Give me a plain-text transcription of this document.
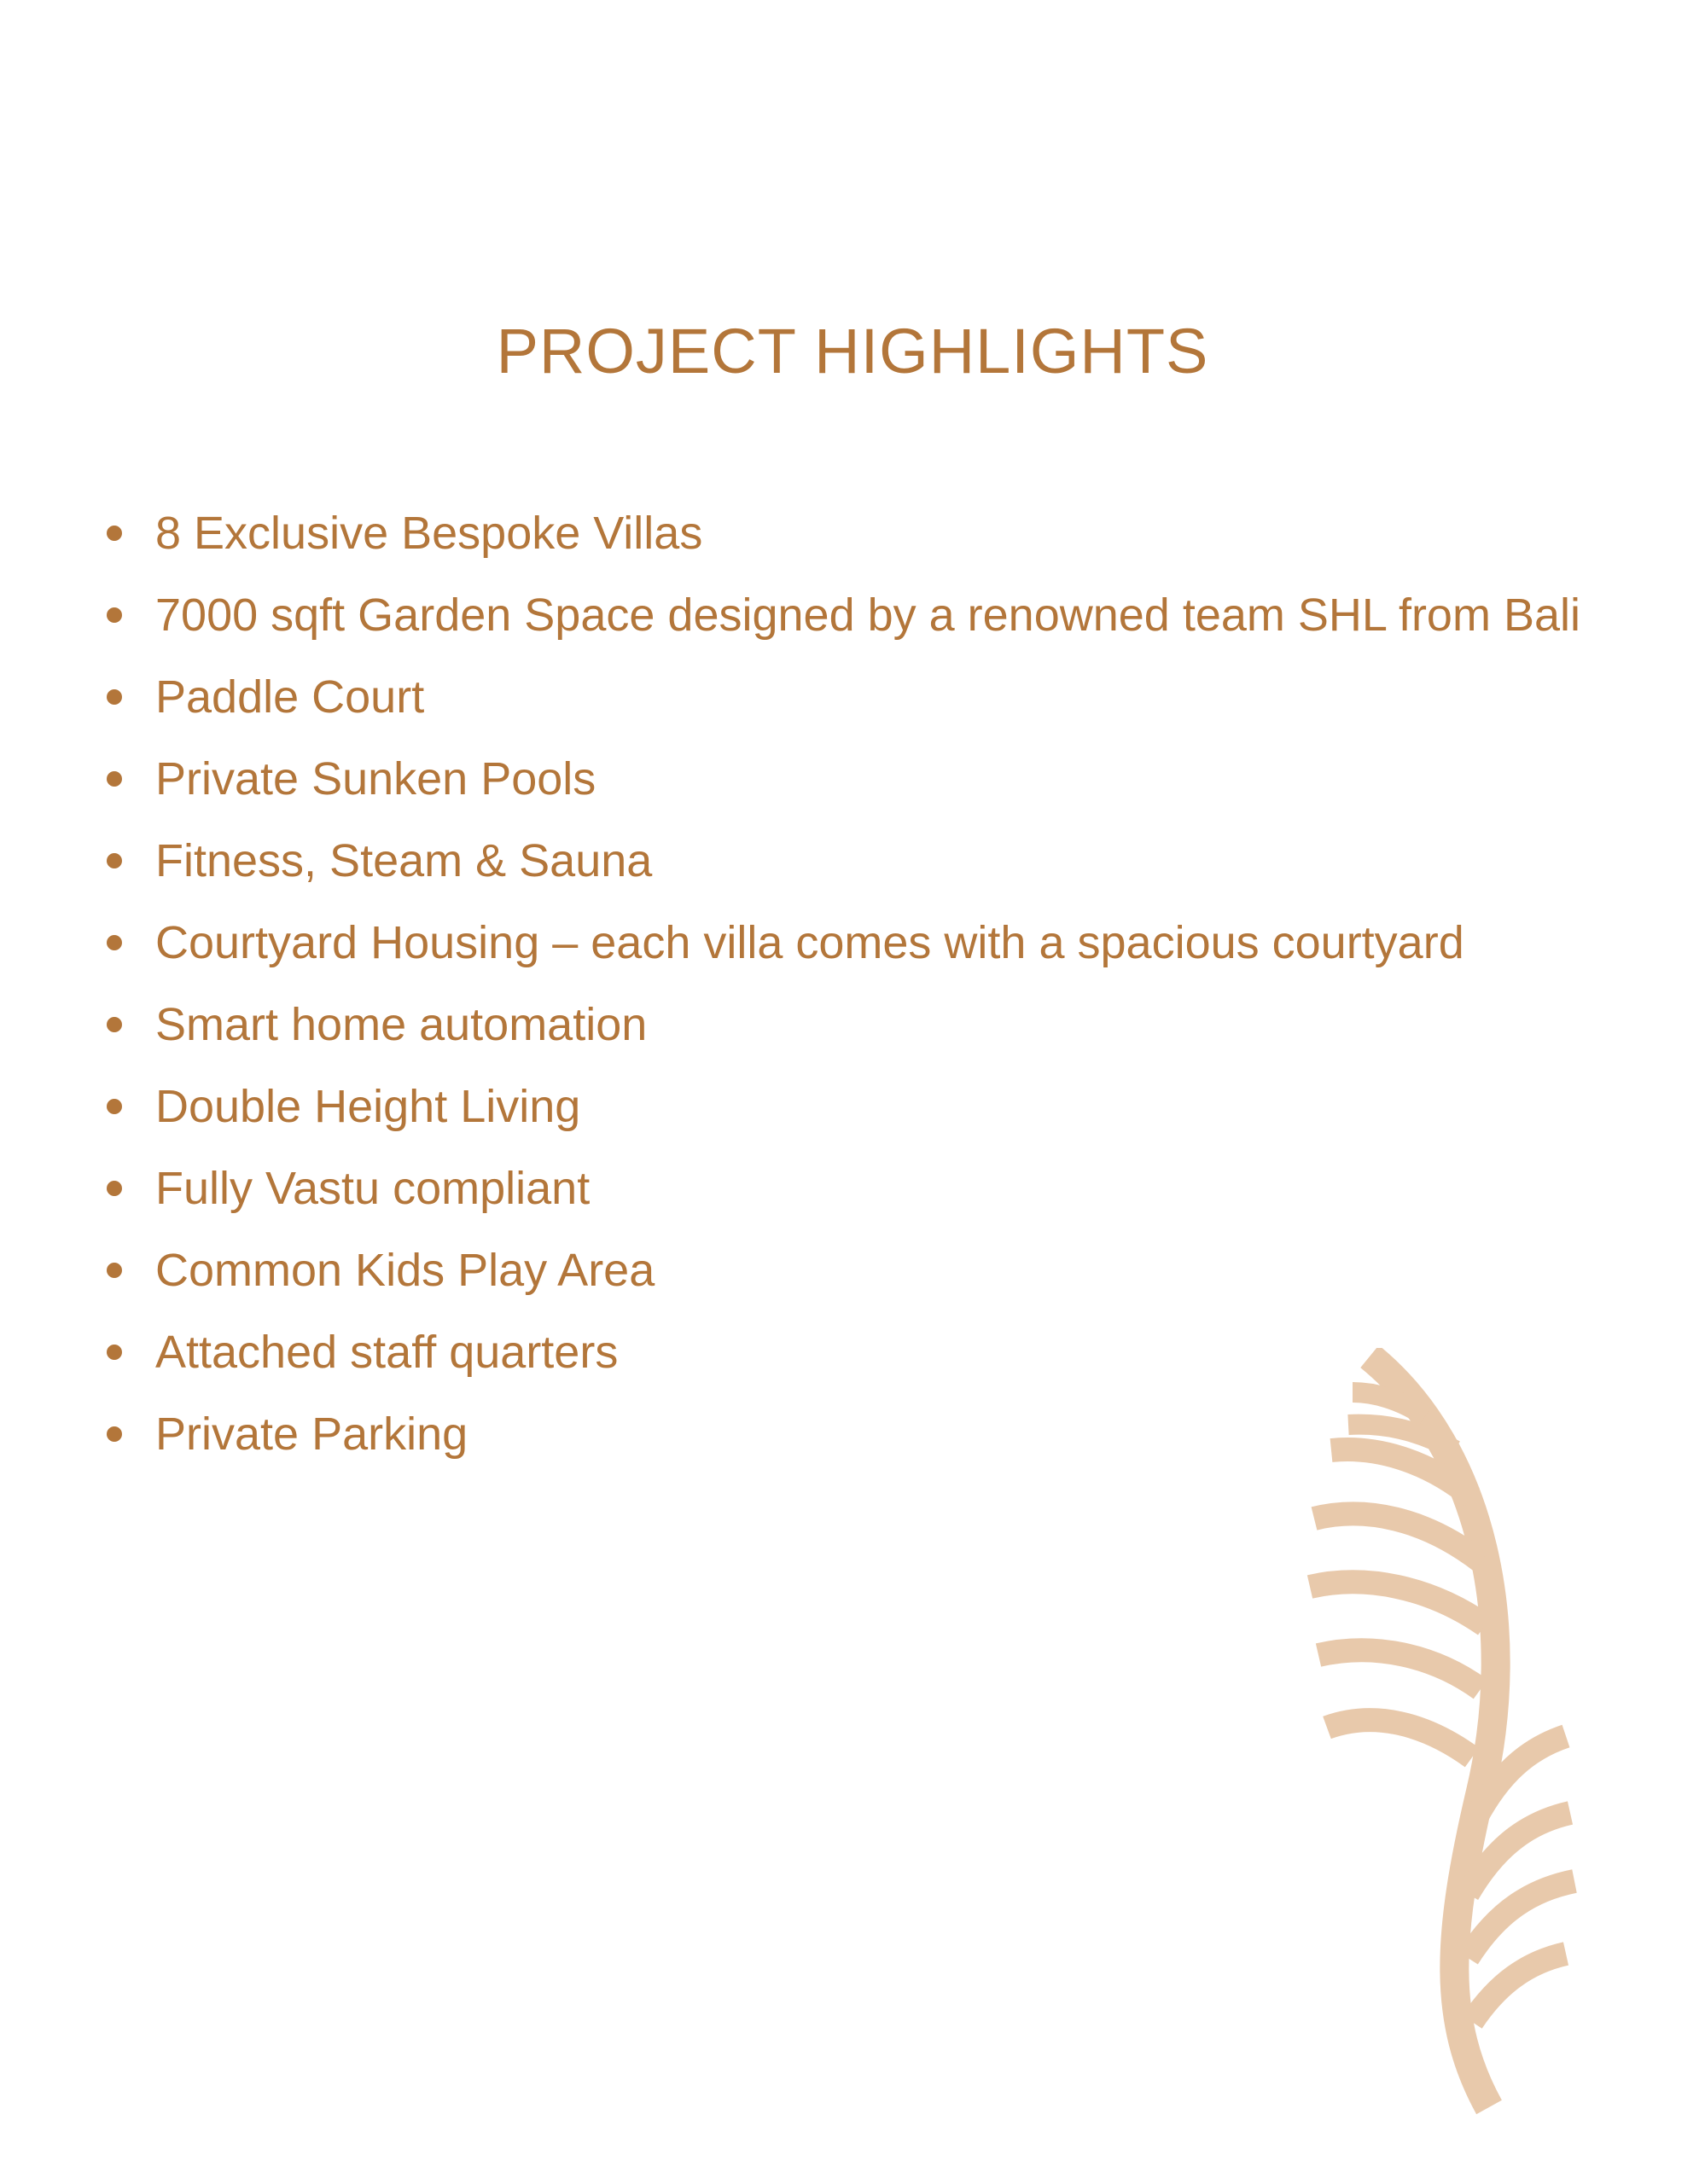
PROJECT HIGHLIGHTS
8 Exclusive Bespoke Villas
7000 sqft Garden Space designed by a renowned team SHL from Bali
Paddle Court
Private Sunken Pools
Fitness, Steam & Sauna
Courtyard Housing – each villa comes with a spacious courtyard
Smart home automation
Double Height Living
Fully Vastu compliant
Common Kids Play Area
Attached staff quarters
Private Parking
